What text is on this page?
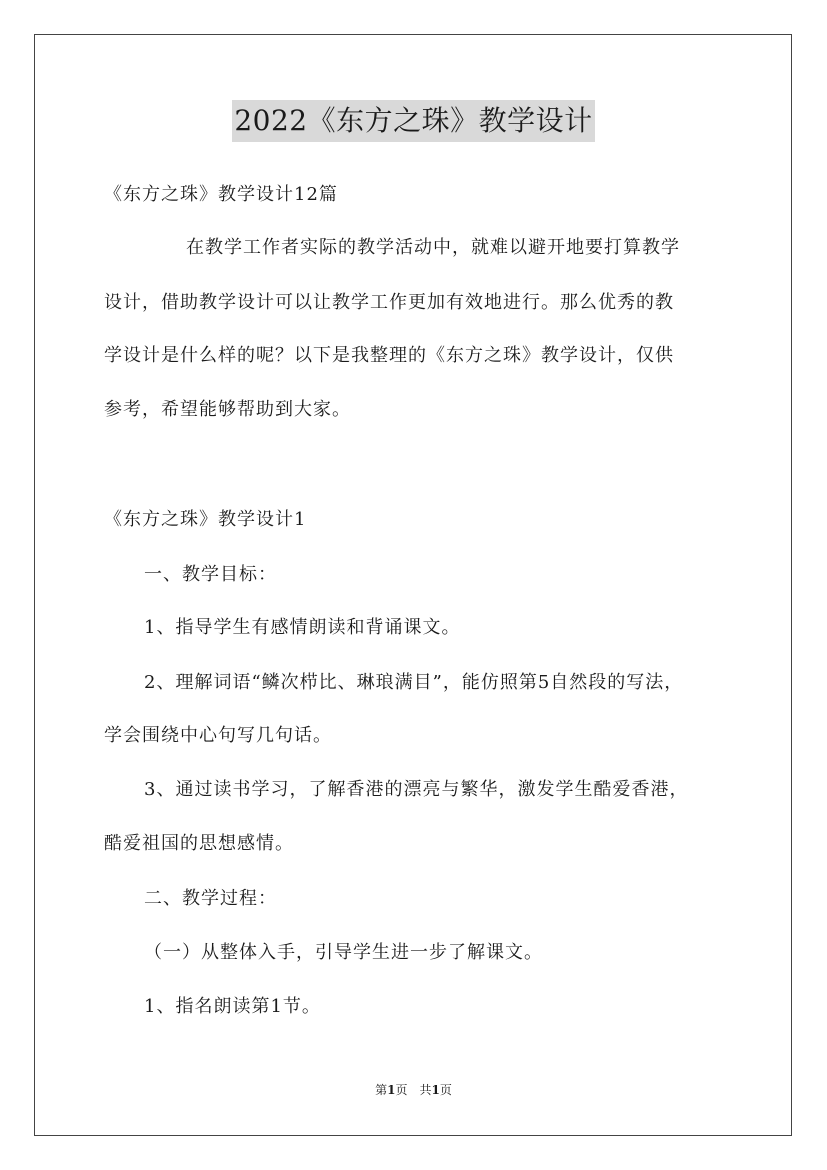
2022《东方之珠》教学设计
《东方之珠》教学设计12篇
在教学工作者实际的教学活动中，就难以避开地要打算教学
设计，借助教学设计可以让教学工作更加有效地进行。那么优秀的教
学设计是什么样的呢？以下是我整理的《东方之珠》教学设计，仅供
参考，希望能够帮助到大家。
《东方之珠》教学设计1
一、教学目标：
1、指导学生有感情朗读和背诵课文。
2、理解词语“鳞次栉比、琳琅满目”，能仿照第5自然段的写法，
学会围绕中心句写几句话。
3、通过读书学习，了解香港的漂亮与繁华，激发学生酷爱香港，
酷爱祖国的思想感情。
二、教学过程：
（一）从整体入手，引导学生进一步了解课文。
1、指名朗读第1节。
第1页　共1页
